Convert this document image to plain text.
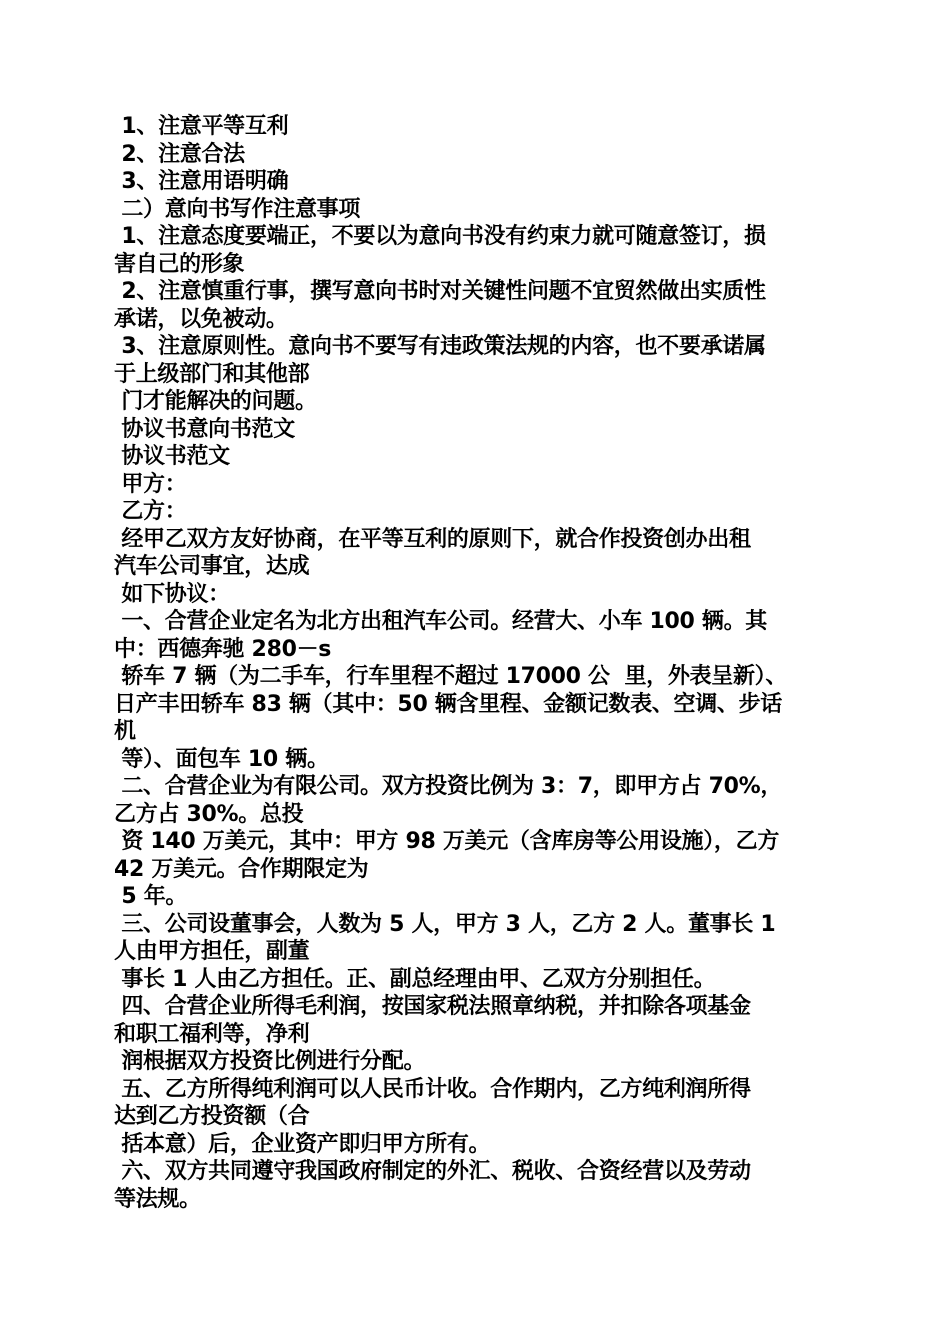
1、注意平等互利
2、注意合法
3、注意用语明确
二）意向书写作注意事项
1、注意态度要端正，不要以为意向书没有约束力就可随意签订，损
害自己的形象
2、注意慎重行事，撰写意向书时对关键性问题不宜贸然做出实质性
承诺，以免被动。
3、注意原则性。意向书不要写有违政策法规的内容，也不要承诺属
于上级部门和其他部
门才能解决的问题。
协议书意向书范文
协议书范文
甲方：
乙方：
经甲乙双方友好协商，在平等互利的原则下，就合作投资创办出租
汽车公司事宜，达成
如下协议：
一、合营企业定名为北方出租汽车公司。经营大、小车 100 辆。其
中：西德奔驰 280－s
轿车 7 辆（为二手车，行车里程不超过 17000 公  里，外表呈新）、
日产丰田轿车 83 辆（其中：50 辆含里程、金额记数表、空调、步话
机
等）、面包车 10 辆。
二、合营企业为有限公司。双方投资比例为 3：7，即甲方占 70%，
乙方占 30%。总投
资 140 万美元，其中：甲方 98 万美元（含库房等公用设施），乙方
42 万美元。合作期限定为
5 年。
三、公司设董事会，人数为 5 人，甲方 3 人，乙方 2 人。董事长 1
人由甲方担任，副董
事长 1 人由乙方担任。正、副总经理由甲、乙双方分别担任。
四、合营企业所得毛利润，按国家税法照章纳税，并扣除各项基金
和职工福利等，净利
润根据双方投资比例进行分配。
五、乙方所得纯利润可以人民币计收。合作期内，乙方纯利润所得
达到乙方投资额（合
括本意）后，企业资产即归甲方所有。
六、双方共同遵守我国政府制定的外汇、税收、合资经营以及劳动
等法规。
